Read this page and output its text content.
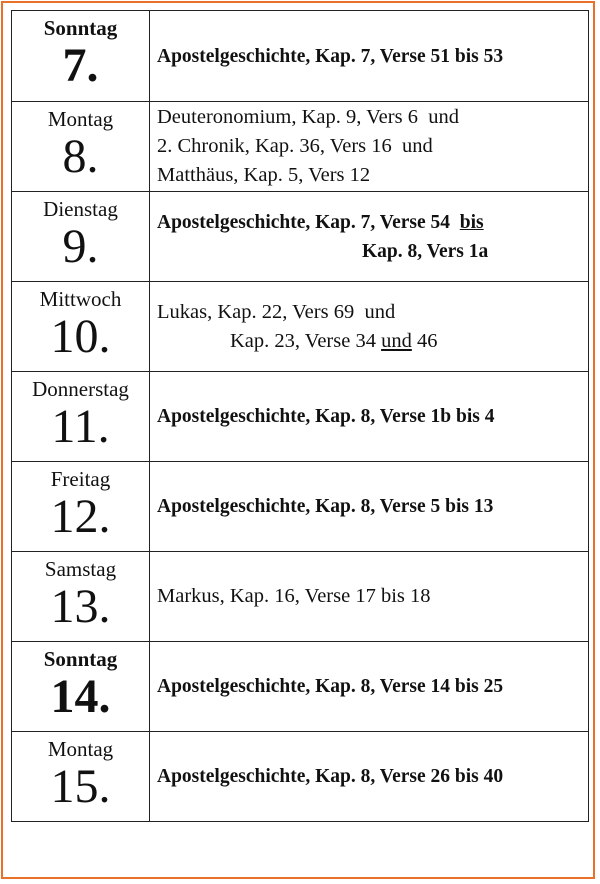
Sonntag
7.	Apostelgeschichte, Kap. 7, Verse 51 bis 53
Montag
8.
Deuteronomium, Kap. 9, Vers 6  und
2. Chronik, Kap. 36, Vers 16  und
Matthäus, Kap. 5, Vers 12
Dienstag
9.	Apostelgeschichte, Kap. 7, Verse 54  bis
Kap. 8, Vers 1a
Mittwoch
10. Lukas, Kap. 22, Vers 69  und
Kap. 23, Verse 34 und 46
Donnerstag
11. Apostelgeschichte, Kap. 8, Verse 1b bis 4
Freitag
12. Apostelgeschichte, Kap. 8, Verse 5 bis 13
Samstag
13. Markus, Kap. 16, Verse 17 bis 18
Sonntag
14. Apostelgeschichte, Kap. 8, Verse 14 bis 25
Montag
15. Apostelgeschichte, Kap. 8, Verse 26 bis 40
